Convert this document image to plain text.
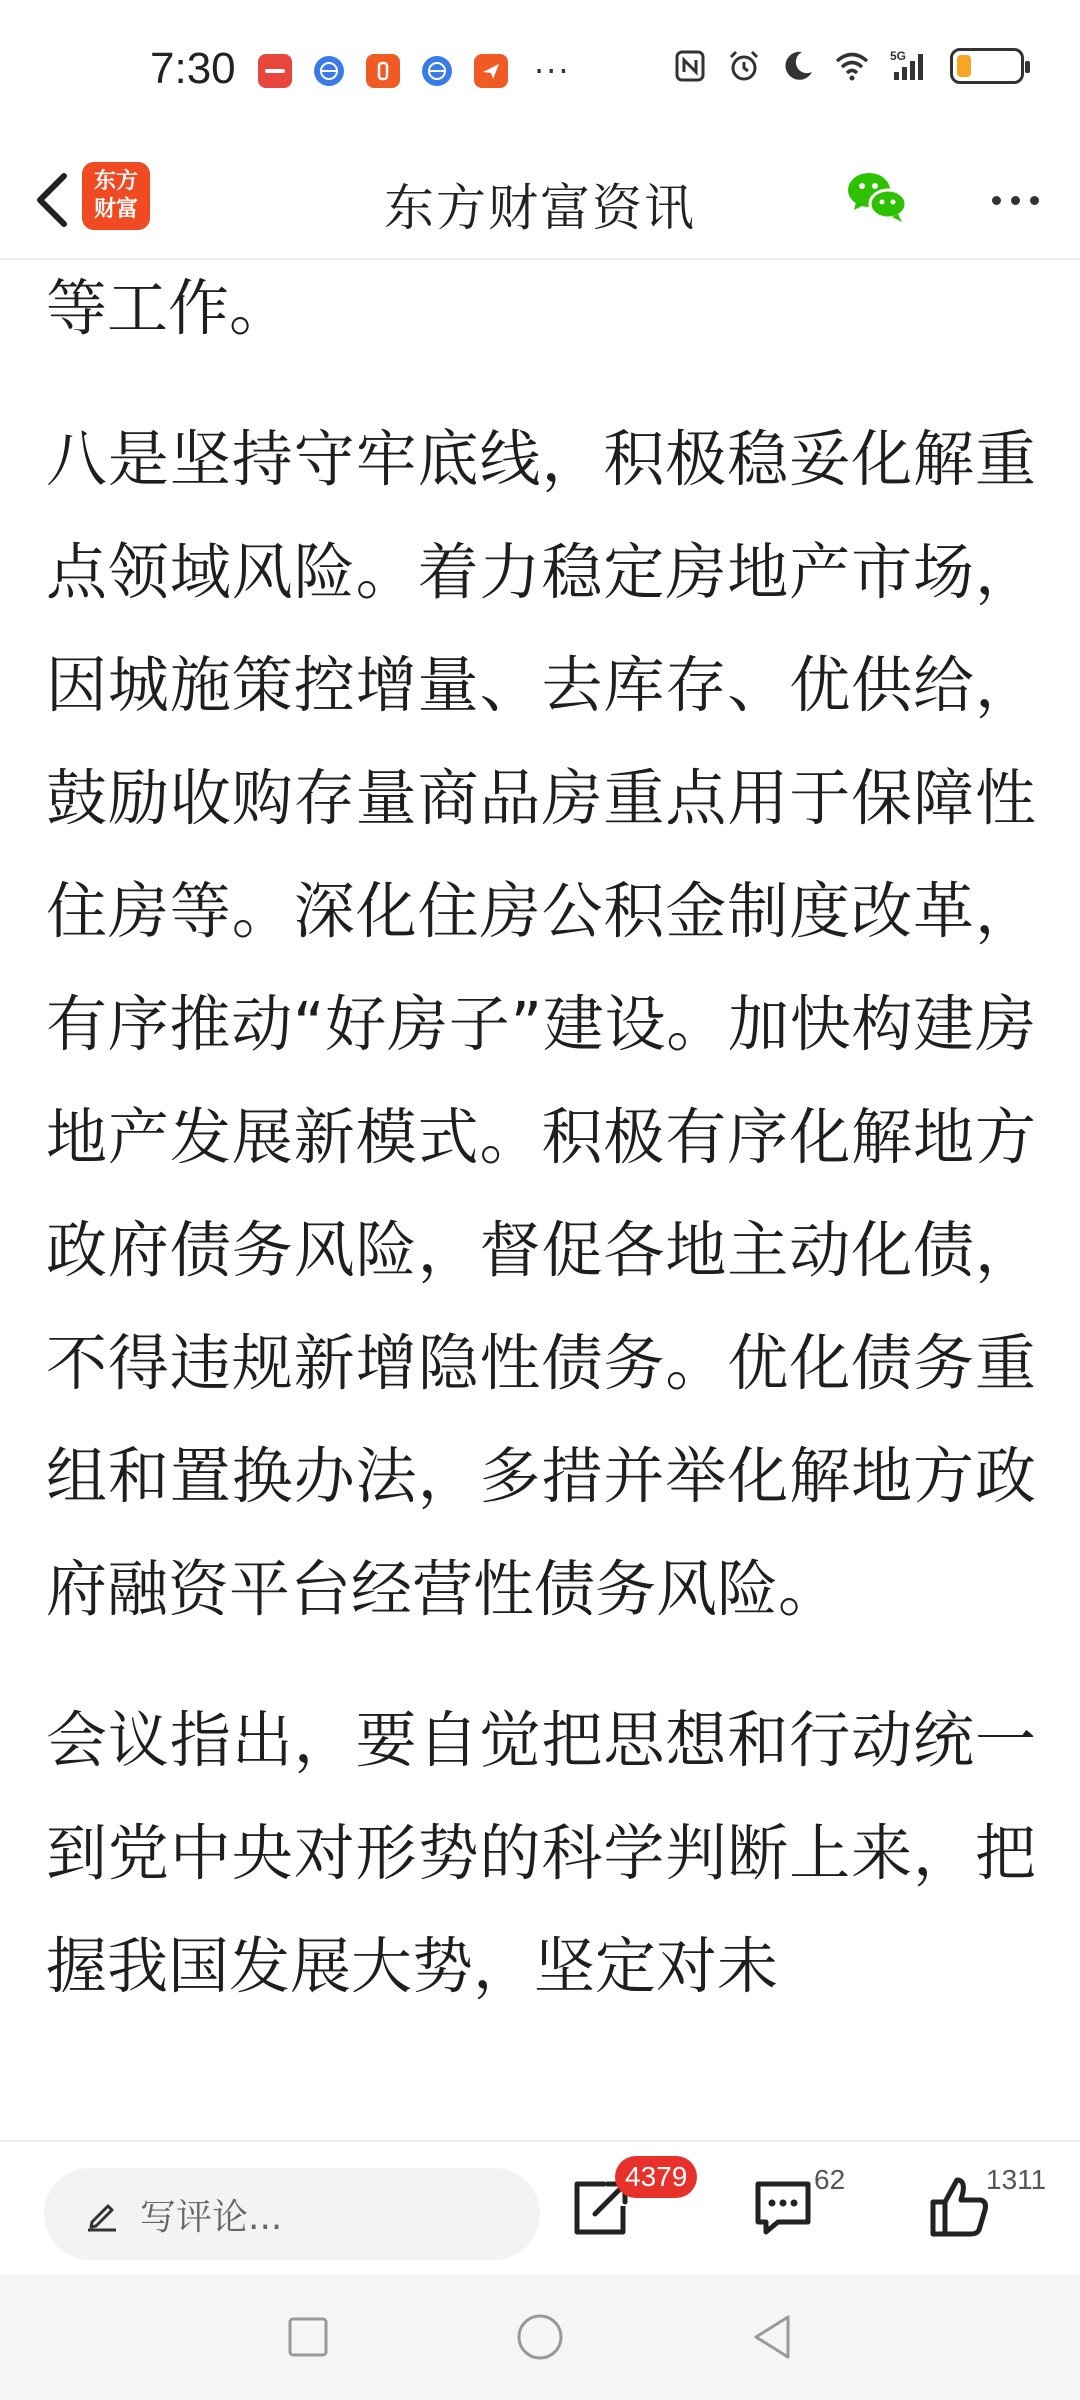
7:30	···	5G
东方
财富	东方财富资讯

等工作。

八是坚持守牢底线，积极稳妥化解重点领域风险。着力稳定房地产市场，因城施策控增量、去库存、优供给，鼓励收购存量商品房重点用于保障性住房等。深化住房公积金制度改革，有序推动“好房子”建设。加快构建房地产发展新模式。积极有序化解地方政府债务风险，督促各地主动化债，不得违规新增隐性债务。优化债务重组和置换办法，多措并举化解地方政府融资平台经营性债务风险。

会议指出，要自觉把思想和行动统一到党中央对形势的科学判断上来，把握我国发展大势，坚定对未

写评论...
4379	62	1311
